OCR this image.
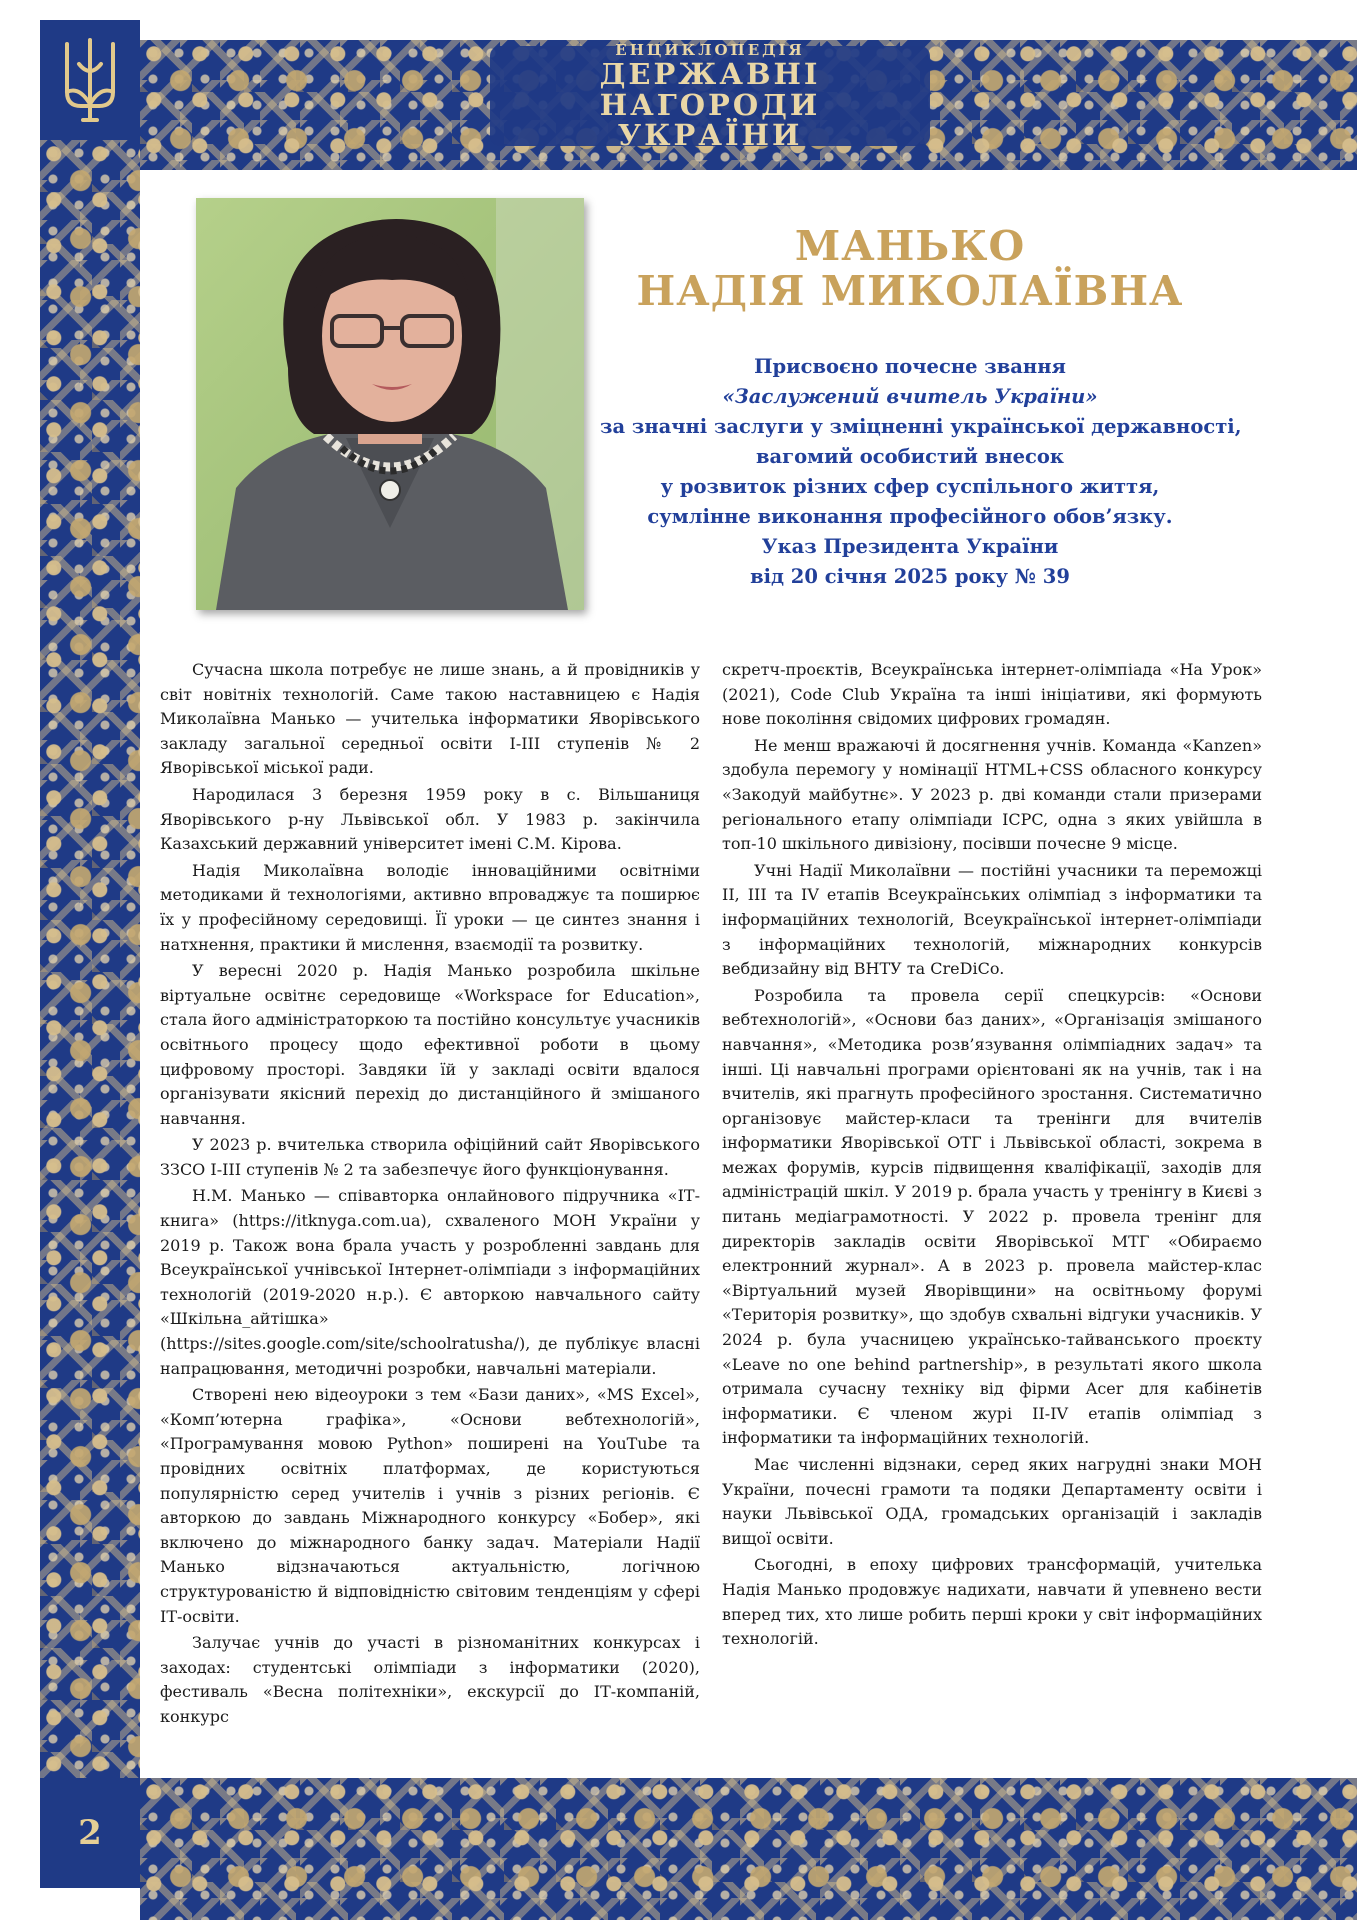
ЕНЦИКЛОПЕДІЯ
ДЕРЖАВНІ НАГОРОДИ
УКРАЇНИ
МАНЬКО
НАДІЯ МИКОЛАЇВНА
Присвоєно почесне звання
«Заслужений вчитель України»
за значні заслуги у зміцненні української державності,
вагомий особистий внесок
у розвиток різних сфер суспільного життя,
сумлінне виконання професійного обов’язку.
Указ Президента України
від 20 січня 2025 року № 39

Сучасна школа потребує не лише знань, а й провідників у світ новітніх технологій. Саме такою наставницею є Надія Миколаївна Манько — учителька інформатики Яворівського закладу загальної середньої освіти І-ІІІ ступенів № 2 Яворівської міської ради.

Народилася 3 березня 1959 року в с. Вільшаниця Яворівського р-ну Львівської обл. У 1983 р. закінчила Казахський державний університет імені С.М. Кірова.

Надія Миколаївна володіє інноваційними освітніми методиками й технологіями, активно впроваджує та поширює їх у професійному середовищі. Її уроки — це синтез знання і натхнення, практики й мислення, взаємодії та розвитку.

У вересні 2020 р. Надія Манько розробила шкільне віртуальне освітнє середовище «Workspace for Education», стала його адміністраторкою та постійно консультує учасників освітнього процесу щодо ефективної роботи в цьому цифровому просторі. Завдяки їй у закладі освіти вдалося організувати якісний перехід до дистанційного й змішаного навчання.

У 2023 р. вчителька створила офіційний сайт Яворівського ЗЗСО І-ІІІ ступенів № 2 та забезпечує його функціонування.

Н.М. Манько — співавторка онлайнового підручника «ІТ-книга» (https://itknyga.com.ua), схваленого МОН України у 2019 р. Також вона брала участь у розробленні завдань для Всеукраїнської учнівської Інтернет-олімпіади з інформаційних технологій (2019-2020 н.р.). Є авторкою навчального сайту «Шкільна_айтішка» (https://sites.google.com/site/schoolratusha/), де публікує власні напрацювання, методичні розробки, навчальні матеріали.

Створені нею відеоуроки з тем «Бази даних», «MS Excel», «Комп’ютерна графіка», «Основи вебтехнологій», «Програмування мовою Python» поширені на YouTube та провідних освітніх платформах, де користуються популярністю серед учителів і учнів з різних регіонів. Є авторкою до завдань Міжнародного конкурсу «Бобер», які включено до міжнародного банку задач. Матеріали Надії Манько відзначаються актуальністю, логічною структурованістю й відповідністю світовим тенденціям у сфері ІТ-освіти.

Залучає учнів до участі в різноманітних конкурсах і заходах: студентські олімпіади з інформатики (2020), фестиваль «Весна політехніки», екскурсії до ІТ-компаній, конкурс

скретч-проєктів, Всеукраїнська інтернет-олімпіада «На Урок» (2021), Code Club Україна та інші ініціативи, які формують нове покоління свідомих цифрових громадян.

Не менш вражаючі й досягнення учнів. Команда «Kanzen» здобула перемогу у номінації HTML+CSS обласного конкурсу «Закодуй майбутнє». У 2023 р. дві команди стали призерами регіонального етапу олімпіади ICPC, одна з яких увійшла в топ-10 шкільного дивізіону, посівши почесне 9 місце.

Учні Надії Миколаївни — постійні учасники та переможці ІІ, ІІІ та IV етапів Всеукраїнських олімпіад з інформатики та інформаційних технологій, Всеукраїнської інтернет-олімпіади з інформаційних технологій, міжнародних конкурсів вебдизайну від ВНТУ та CreDiCo.

Розробила та провела серії спецкурсів: «Основи вебтехнологій», «Основи баз даних», «Організація змішаного навчання», «Методика розв’язування олімпіадних задач» та інші. Ці навчальні програми орієнтовані як на учнів, так і на вчителів, які прагнуть професійного зростання. Систематично організовує майстер-класи та тренінги для вчителів інформатики Яворівської ОТГ і Львівської області, зокрема в межах форумів, курсів підвищення кваліфікації, заходів для адміністрацій шкіл. У 2019 р. брала участь у тренінгу в Києві з питань медіаграмотності. У 2022 р. провела тренінг для директорів закладів освіти Яворівської МТГ «Обираємо електронний журнал». А в 2023 р. провела майстер-клас «Віртуальний музей Яворівщини» на освітньому форумі «Територія розвитку», що здобув схвальні відгуки учасників. У 2024 р. була учасницею українсько-тайванського проєкту «Leave no one behind partnership», в результаті якого школа отримала сучасну техніку від фірми Acer для кабінетів інформатики. Є членом журі ІІ-IV етапів олімпіад з інформатики та інформаційних технологій.

Має численні відзнаки, серед яких нагрудні знаки МОН України, почесні грамоти та подяки Департаменту освіти і науки Львівської ОДА, громадських організацій і закладів вищої освіти.

Сьогодні, в епоху цифрових трансформацій, учителька Надія Манько продовжує надихати, навчати й упевнено вести вперед тих, хто лише робить перші кроки у світ інформаційних технологій.

2
